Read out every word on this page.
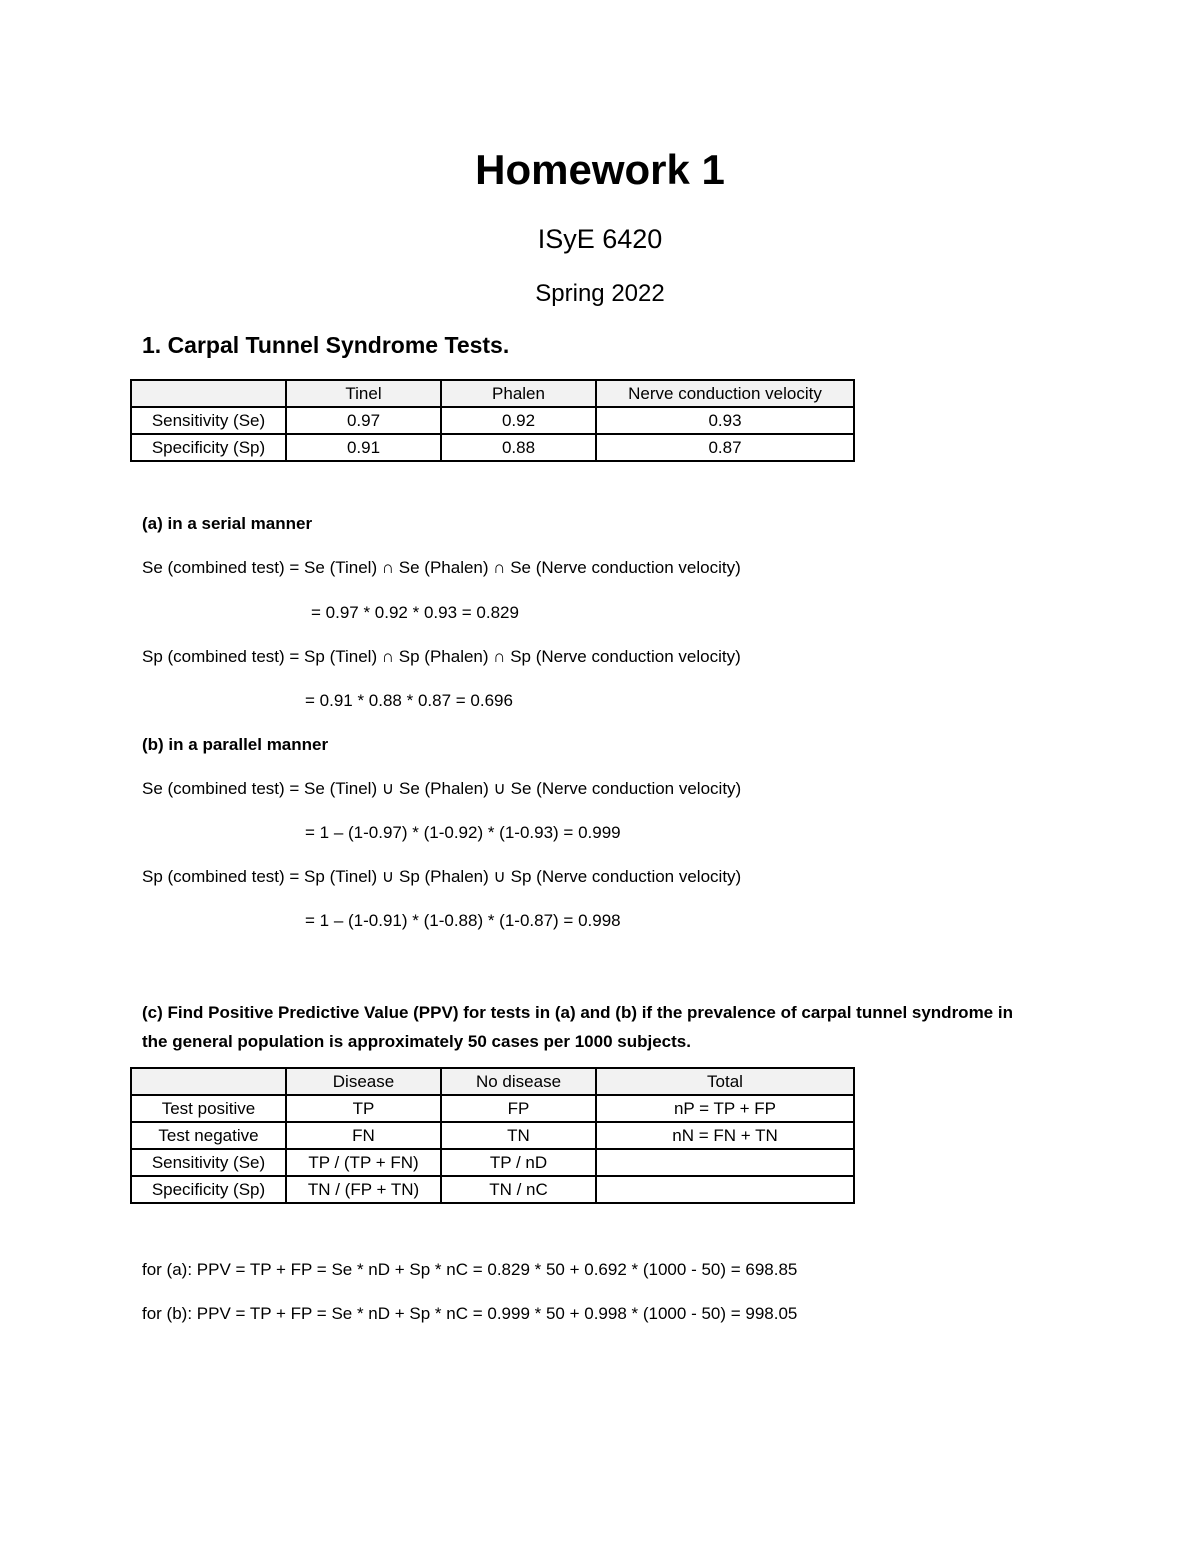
Homework 1
ISyE 6420
Spring 2022
1. Carpal Tunnel Syndrome Tests.
	Tinel	Phalen	Nerve conduction velocity
Sensitivity (Se)	0.97	0.92	0.93
Specificity (Sp)	0.91	0.88	0.87
(a) in a serial manner
Se (combined test) = Se (Tinel) ∩ Se (Phalen) ∩ Se (Nerve conduction velocity)
= 0.97 * 0.92 * 0.93 = 0.829
Sp (combined test) = Sp (Tinel) ∩ Sp (Phalen) ∩ Sp (Nerve conduction velocity)
= 0.91 * 0.88 * 0.87 = 0.696
(b) in a parallel manner
Se (combined test) = Se (Tinel) ∪ Se (Phalen) ∪ Se (Nerve conduction velocity)
= 1 – (1-0.97) * (1-0.92) * (1-0.93) = 0.999
Sp (combined test) = Sp (Tinel) ∪ Sp (Phalen) ∪ Sp (Nerve conduction velocity)
= 1 – (1-0.91) * (1-0.88) * (1-0.87) = 0.998
(c) Find Positive Predictive Value (PPV) for tests in (a) and (b) if the prevalence of carpal tunnel syndrome in the general population is approximately 50 cases per 1000 subjects.
	Disease	No disease	Total
Test positive	TP	FP	nP = TP + FP
Test negative	FN	TN	nN = FN + TN
Sensitivity (Se)	TP / (TP + FN)	TP / nD	
Specificity (Sp)	TN / (FP + TN)	TN / nC	
for (a): PPV = TP + FP = Se * nD + Sp * nC = 0.829 * 50 + 0.692 * (1000 - 50) = 698.85
for (b): PPV = TP + FP = Se * nD + Sp * nC = 0.999 * 50 + 0.998 * (1000 - 50) = 998.05
